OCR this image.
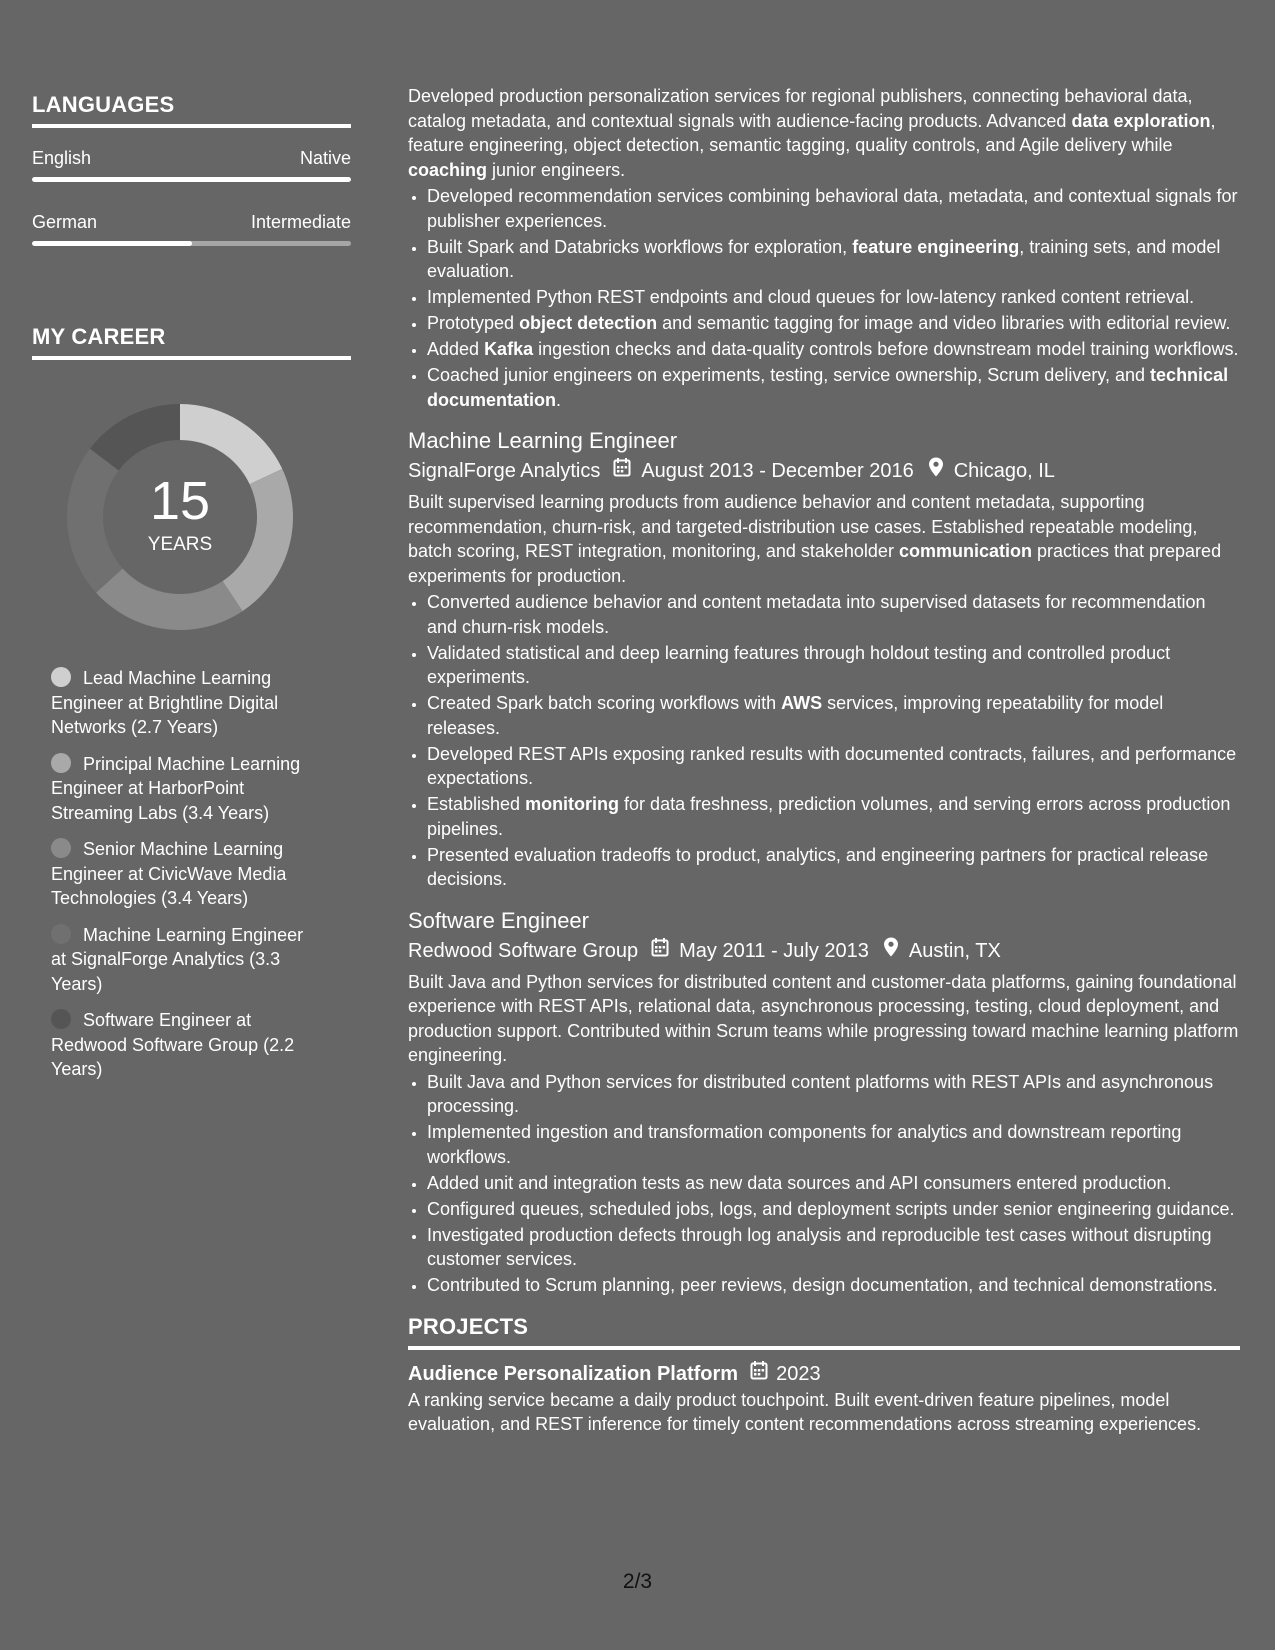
LANGUAGES
English	Native
German	Intermediate
MY CAREER
15
YEARS
Lead Machine Learning Engineer at Brightline Digital Networks (2.7 Years)
Principal Machine Learning Engineer at HarborPoint Streaming Labs (3.4 Years)
Senior Machine Learning Engineer at CivicWave Media Technologies (3.4 Years)
Machine Learning Engineer at SignalForge Analytics (3.3 Years)
Software Engineer at Redwood Software Group (2.2 Years)

Developed production personalization services for regional publishers, connecting behavioral data, catalog metadata, and contextual signals with audience-facing products. Advanced data exploration, feature engineering, object detection, semantic tagging, quality controls, and Agile delivery while coaching junior engineers.

• Developed recommendation services combining behavioral data, metadata, and contextual signals for publisher experiences.
• Built Spark and Databricks workflows for exploration, feature engineering, training sets, and model evaluation.
• Implemented Python REST endpoints and cloud queues for low-latency ranked content retrieval.
• Prototyped object detection and semantic tagging for image and video libraries with editorial review.
• Added Kafka ingestion checks and data-quality controls before downstream model training workflows.
• Coached junior engineers on experiments, testing, service ownership, Scrum delivery, and technical documentation.
Machine Learning Engineer
SignalForge Analytics August 2013 - December 2016 Chicago, IL

Built supervised learning products from audience behavior and content metadata, supporting recommendation, churn-risk, and targeted-distribution use cases. Established repeatable modeling, batch scoring, REST integration, monitoring, and stakeholder communication practices that prepared experiments for production.

• Converted audience behavior and content metadata into supervised datasets for recommendation and churn-risk models.
• Validated statistical and deep learning features through holdout testing and controlled product experiments.
• Created Spark batch scoring workflows with AWS services, improving repeatability for model releases.
• Developed REST APIs exposing ranked results with documented contracts, failures, and performance expectations.
• Established monitoring for data freshness, prediction volumes, and serving errors across production pipelines.
• Presented evaluation tradeoffs to product, analytics, and engineering partners for practical release decisions.
Software Engineer
Redwood Software Group May 2011 - July 2013 Austin, TX

Built Java and Python services for distributed content and customer-data platforms, gaining foundational experience with REST APIs, relational data, asynchronous processing, testing, cloud deployment, and production support. Contributed within Scrum teams while progressing toward machine learning platform engineering.

• Built Java and Python services for distributed content platforms with REST APIs and asynchronous processing.
• Implemented ingestion and transformation components for analytics and downstream reporting workflows.
• Added unit and integration tests as new data sources and API consumers entered production.
• Configured queues, scheduled jobs, logs, and deployment scripts under senior engineering guidance.
• Investigated production defects through log analysis and reproducible test cases without disrupting customer services.
• Contributed to Scrum planning, peer reviews, design documentation, and technical demonstrations.
PROJECTS
Audience Personalization Platform 2023

A ranking service became a daily product touchpoint. Built event-driven feature pipelines, model evaluation, and REST inference for timely content recommendations across streaming experiences.

2/3
